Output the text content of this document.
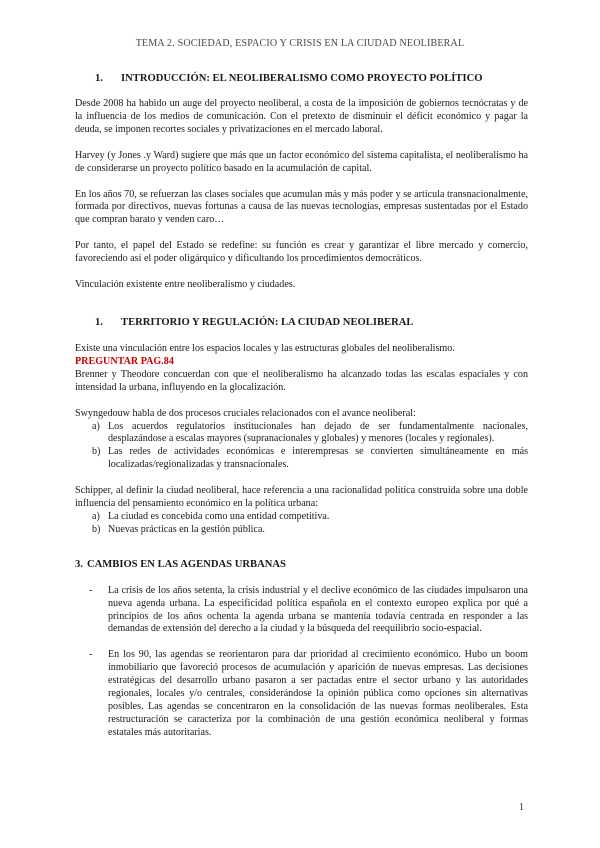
TEMA 2. SOCIEDAD, ESPACIO Y CRISIS EN LA CIUDAD NEOLIBERAL
1.	INTRODUCCIÓN: EL NEOLIBERALISMO COMO PROYECTO POLÍTICO

Desde 2008 ha habido un auge del proyecto neoliberal, a costa de la imposición de gobiernos tecnócratas y de la influencia de los medios de comunicación. Con el pretexto de disminuir el déficit económico y pagar la deuda, se imponen recortes sociales y privatizaciones en el mercado laboral.

Harvey (y Jones .y Ward) sugiere que más que un factor económico del sistema capitalista, el neoliberalismo ha de considerarse un proyecto político basado en la acumulación de capital.

En los años 70, se refuerzan las clases sociales que acumulan más y más poder y se articula transnacionalmente, formada por directivos, nuevas fortunas a causa de las nuevas tecnologías, empresas sustentadas por el Estado que compran barato y venden caro…

Por tanto, el papel del Estado se redefine: su función es crear y garantizar el libre mercado y comercio, favoreciendo así el poder oligárquico y dificultando los procedimientos democráticos.

Vinculación existente entre neoliberalismo y ciudades.

1.	TERRITORIO Y REGULACIÓN: LA CIUDAD NEOLIBERAL

Existe una vinculación entre los espacios locales y las estructuras globales del neoliberalismo.

PREGUNTAR PAG.84

Brenner y Theodore concuerdan con que el neoliberalismo ha alcanzado todas las escalas espaciales y con intensidad la urbana, influyendo en la glocalización.

Swyngedouw habla de dos procesos cruciales relacionados con el avance neoliberal:

a) Los acuerdos regulatorios institucionales han dejado de ser fundamentalmente nacionales, desplazándose a escalas mayores (supranacionales y globales) y menores (locales y regionales).
b) Las redes de actividades económicas e interempresas se convierten simultáneamente en más localizadas/regionalizadas y transnacionales.

Schipper, al definir la ciudad neoliberal, hace referencia a una racionalidad política construida sobre una doble influencia del pensamiento económico en la política urbana:

a) La ciudad es concebida como una entidad competitiva.
b) Nuevas prácticas en la gestión pública.
3. CAMBIOS EN LAS AGENDAS URBANAS
- La crisis de los años setenta, la crisis industrial y el declive económico de las ciudades impulsaron una nueva agenda urbana. La especificidad política española en el contexto europeo explica por qué a principios de los años ochenta la agenda urbana se mantenía todavía centrada en responder a las demandas de extensión del derecho a la ciudad y la búsqueda del reequilibrio socio-espacial.
- En los 90, las agendas se reorientaron para dar prioridad al crecimiento económico. Hubo un boom inmobiliario que favoreció procesos de acumulación y aparición de nuevas empresas. Las decisiones estratégicas del desarrollo urbano pasaron a ser pactadas entre el sector urbano y las autoridades regionales, locales y/o centrales, considerándose la opinión pública como opciones sin alternativas posibles. Las agendas se concentraron en la consolidación de las nuevas formas neoliberales. Esta restructuración se caracteriza por la combinación de una gestión económica neoliberal y formas estatales más autoritarias.
1
